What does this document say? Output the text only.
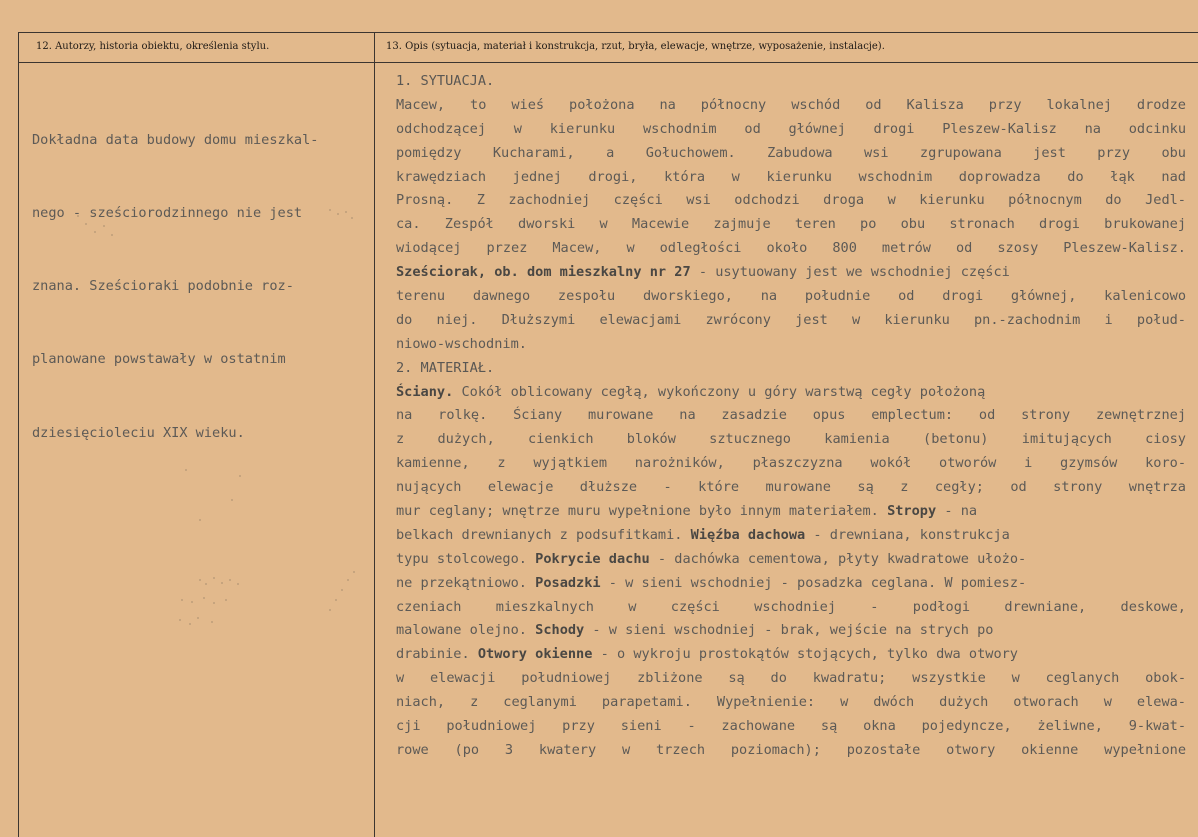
12. Autorzy, historia obiektu, określenia stylu.	13. Opis (sytuacja, materiał i konstrukcja, rzut, bryła, elewacje, wnętrze, wyposażenie, instalacje).

Dokładna data budowy domu mieszkal-

nego - sześciorodzinnego nie jest

znana. Sześcioraki podobnie roz-

planowane powstawały w ostatnim

dziesięcioleciu XIX wieku.

1. SYTUACJA.
Macew, to wieś położona na północny wschód od Kalisza przy lokalnej drodze
odchodzącej w kierunku wschodnim od głównej drogi Pleszew-Kalisz na odcinku
pomiędzy Kucharami, a Gołuchowem. Zabudowa wsi zgrupowana jest przy obu
krawędziach jednej drogi, która w kierunku wschodnim doprowadza do łąk nad
Prosną. Z zachodniej części wsi odchodzi droga w kierunku północnym do Jedl-
ca. Zespół dworski w Macewie zajmuje teren po obu stronach drogi brukowanej
wiodącej przez Macew, w odległości około 800 metrów od szosy Pleszew-Kalisz.
Sześciorak, ob. dom mieszkalny nr 27 - usytuowany jest we wschodniej części
terenu dawnego zespołu dworskiego, na południe od drogi głównej, kalenicowo
do niej. Dłuższymi elewacjami zwrócony jest w kierunku pn.-zachodnim i połud-
niowo-wschodnim.
2. MATERIAŁ.
Ściany. Cokół oblicowany cegłą, wykończony u góry warstwą cegły położoną
na rolkę. Ściany murowane na zasadzie opus emplectum: od strony zewnętrznej
z dużych, cienkich bloków sztucznego kamienia (betonu) imitujących ciosy
kamienne, z wyjątkiem narożników, płaszczyzna wokół otworów i gzymsów koro-
nujących elewacje dłuższe - które murowane są z cegły; od strony wnętrza
mur ceglany; wnętrze muru wypełnione było innym materiałem. Stropy - na
belkach drewnianych z podsufitkami. Więźba dachowa - drewniana, konstrukcja
typu stolcowego. Pokrycie dachu - dachówka cementowa, płyty kwadratowe ułożo-
ne przekątniowo. Posadzki - w sieni wschodniej - posadzka ceglana. W pomiesz-
czeniach mieszkalnych w części wschodniej - podłogi drewniane, deskowe,
malowane olejno. Schody - w sieni wschodniej - brak, wejście na strych po
drabinie. Otwory okienne - o wykroju prostokątów stojących, tylko dwa otwory
w elewacji południowej zbliżone są do kwadratu; wszystkie w ceglanych obok-
niach, z ceglanymi parapetami. Wypełnienie: w dwóch dużych otworach w elewa-
cji południowej przy sieni - zachowane są okna pojedyncze, żeliwne, 9-kwat-
rowe (po 3 kwatery w trzech poziomach); pozostałe otwory okienne wypełnione
